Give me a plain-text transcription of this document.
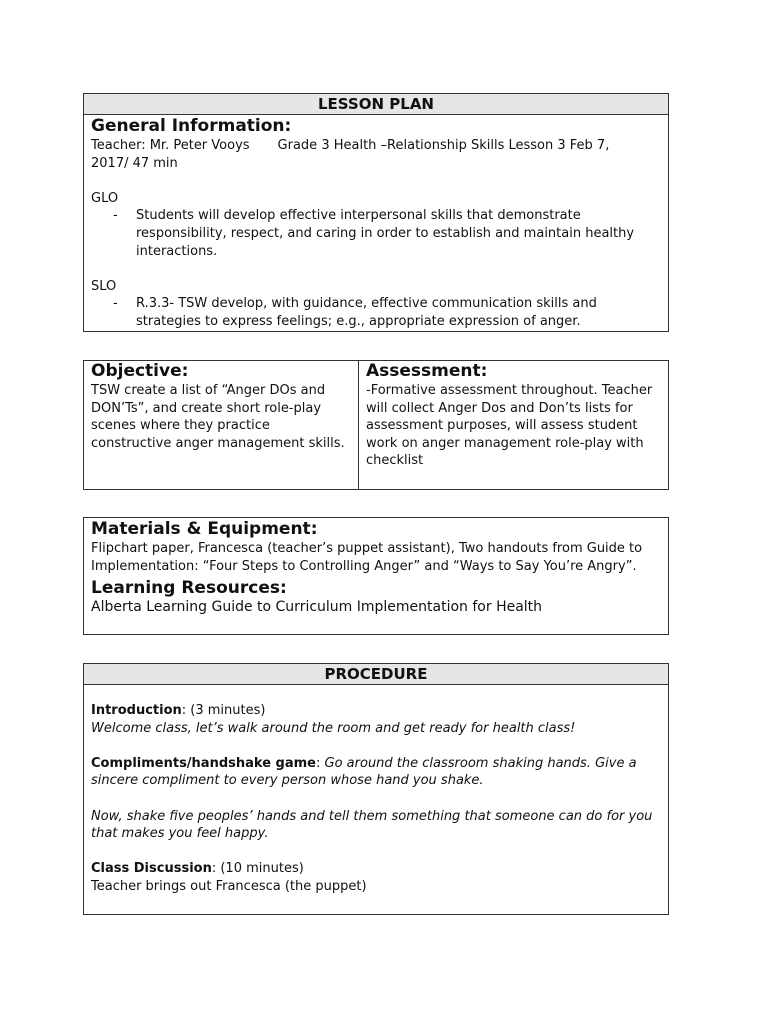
LESSON PLAN
General Information:
Teacher: Mr. Peter Vooys Grade 3 Health –Relationship Skills Lesson 3 Feb 7,
2017/ 47 min
GLO
- Students will develop effective interpersonal skills that demonstrate responsibility, respect, and caring in order to establish and maintain healthy interactions.
SLO
- R.3.3- TSW develop, with guidance, effective communication skills and strategies to express feelings; e.g., appropriate expression of anger.
Objective:
TSW create a list of “Anger DOs and DON’Ts”, and create short role-play scenes where they practice constructive anger management skills.
Assessment:
-Formative assessment throughout. Teacher will collect Anger Dos and Don’ts lists for assessment purposes, will assess student work on anger management role-play with checklist
Materials & Equipment:
Flipchart paper, Francesca (teacher’s puppet assistant), Two handouts from Guide to Implementation: “Four Steps to Controlling Anger” and “Ways to Say You’re Angry”.
Learning Resources:
Alberta Learning Guide to Curriculum Implementation for Health
PROCEDURE
Introduction: (3 minutes)
Welcome class, let’s walk around the room and get ready for health class!
Compliments/handshake game: Go around the classroom shaking hands. Give a sincere compliment to every person whose hand you shake.
Now, shake five peoples’ hands and tell them something that someone can do for you that makes you feel happy.
Class Discussion: (10 minutes)
Teacher brings out Francesca (the puppet)
